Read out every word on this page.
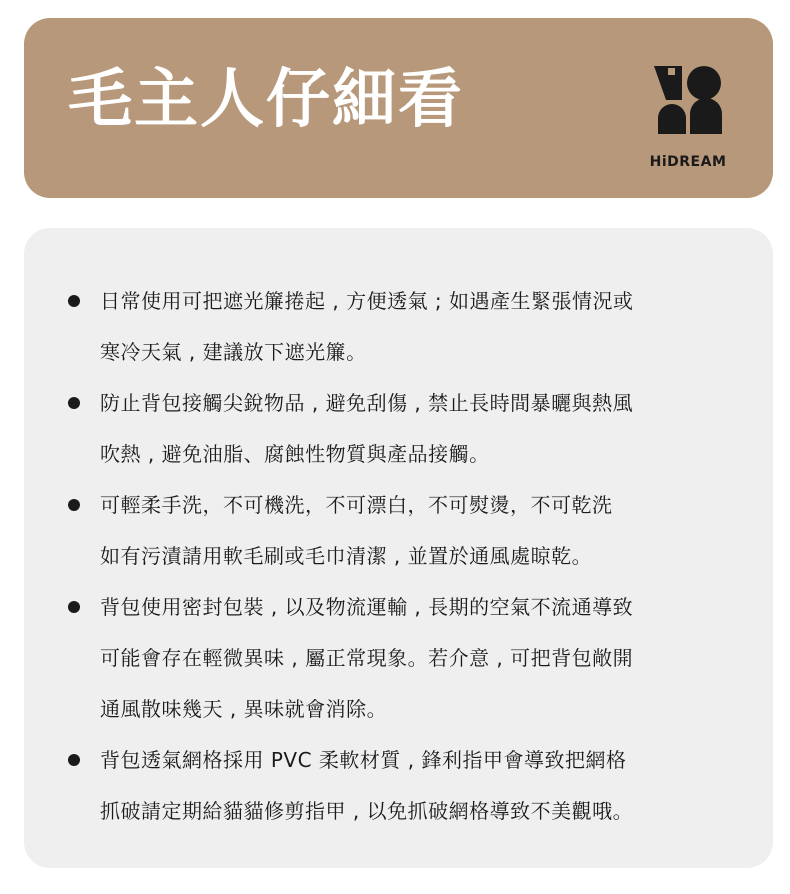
毛主人仔細看
HiDREAM
日常使用可把遮光簾捲起 , 方便透氣 ; 如遇產生緊張情況或
寒冷天氣 , 建議放下遮光簾。
防止背包接觸尖銳物品 , 避免刮傷 , 禁止長時間暴曬與熱風
吹熱 , 避免油脂、腐蝕性物質與產品接觸。
可輕柔手洗，不可機洗，不可漂白，不可熨燙，不可乾洗
如有污漬請用軟毛刷或毛巾清潔 , 並置於通風處晾乾。
背包使用密封包裝 , 以及物流運輸 , 長期的空氣不流通導致
可能會存在輕微異味 , 屬正常現象。若介意 , 可把背包敞開
通風散味幾天 , 異味就會消除。
背包透氣網格採用 PVC 柔軟材質 , 鋒利指甲會導致把網格
抓破請定期給貓貓修剪指甲 , 以免抓破網格導致不美觀哦。
